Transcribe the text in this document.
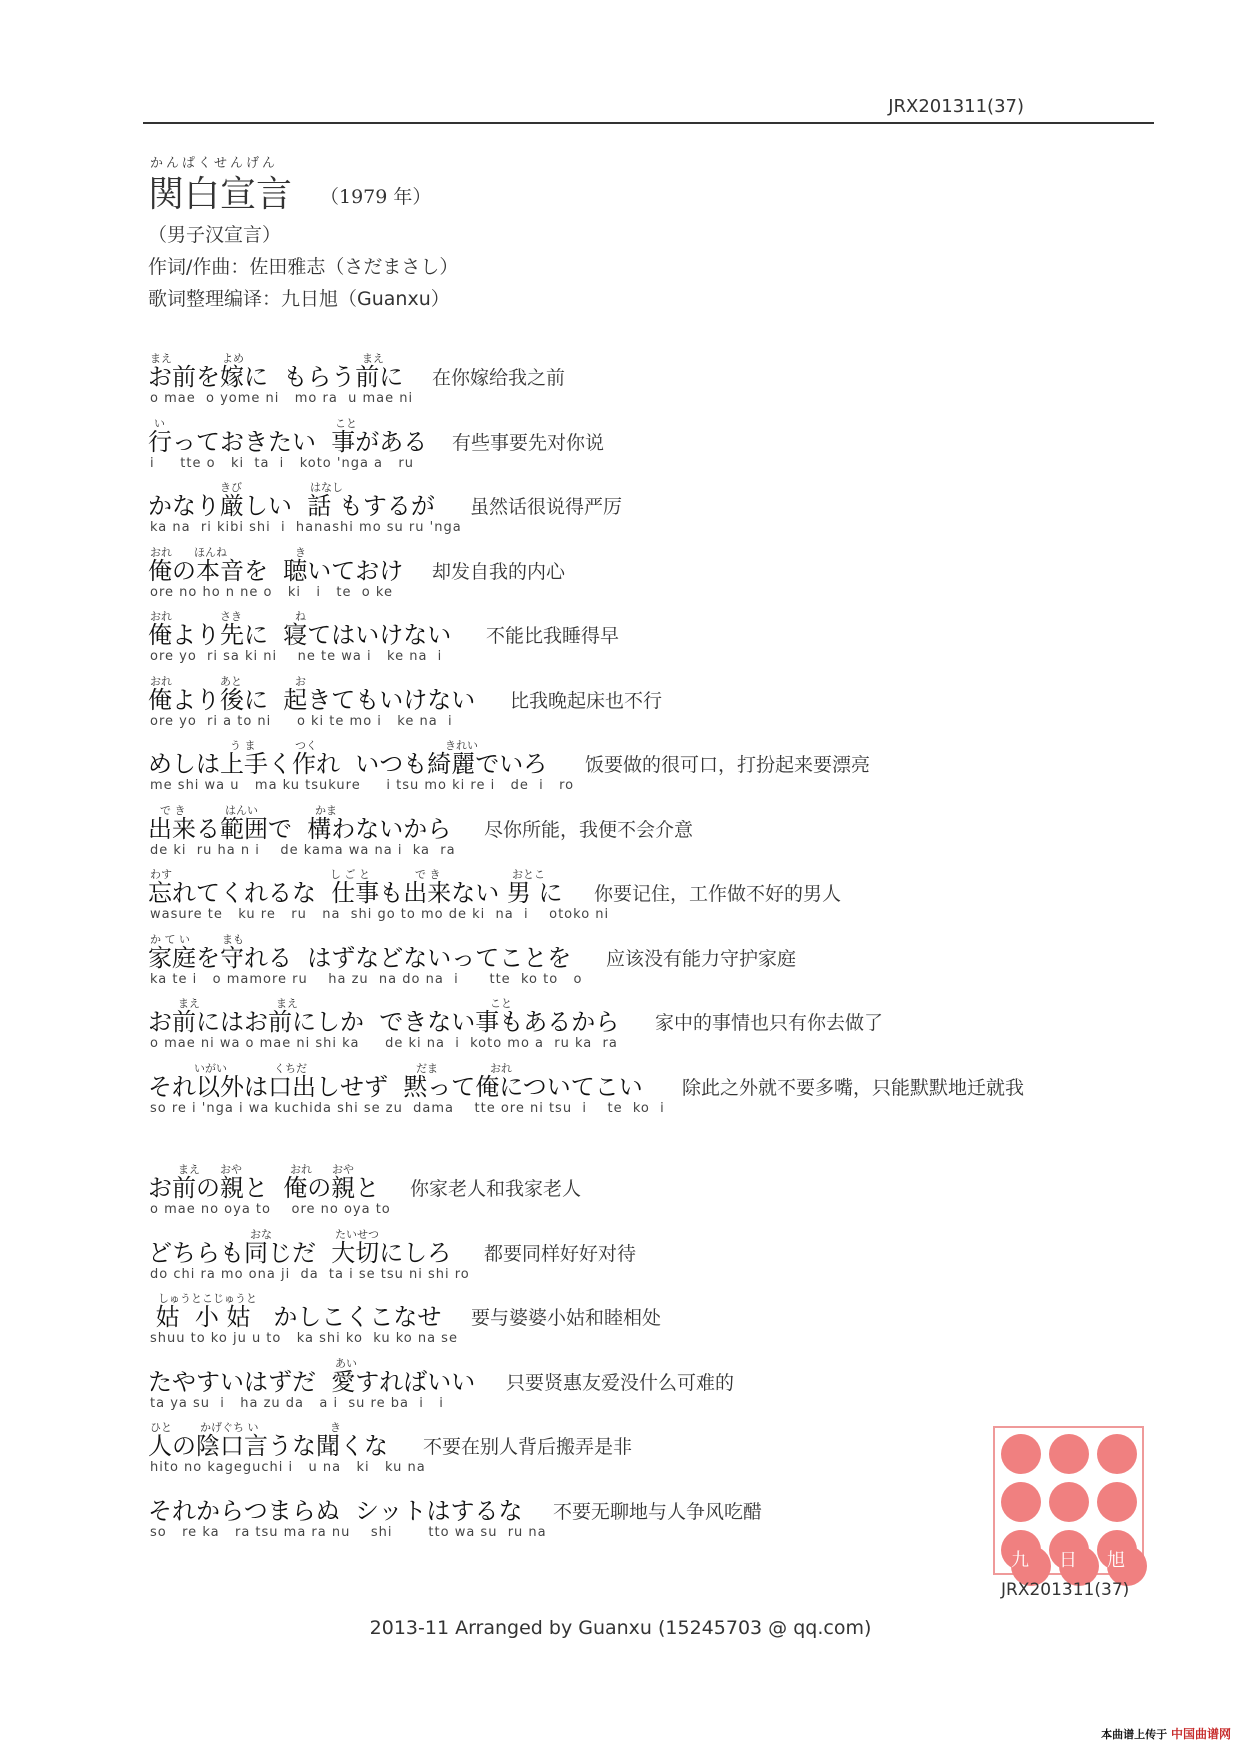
JRX201311(37)
かんぱくせんげん
関白宣言 （1979 年）
（男子汉宣言）
作词/作曲：佐田雅志（さだまさし）
歌词整理编译：九日旭（Guanxu）
まえ	よめ	まえ
お前を嫁に  もらう前に 在你嫁给我之前
o mae  o yome ni   mo ra  u mae ni
い	こと
行っておきたい  事がある 有些事要先对你说
i     tte o   ki  ta  i   koto 'nga a   ru
きび	はなし
かなり厳しい  話 もするが 虽然话很说得严厉
ka na  ri kibi shi  i  hanashi mo su ru 'nga
おれ ほんね	き
俺の本音を  聴いておけ 却发自我的内心
ore no ho n ne o   ki   i   te  o ke
おれ	さき	ね
俺より先に  寝てはいけない 不能比我睡得早
ore yo  ri sa ki ni    ne te wa i   ke na  i
おれ	あと	お
俺より後に  起きてもいけない 比我晚起床也不行
ore yo  ri a to ni     o ki te mo i   ke na  i
う ま	つく	きれい
めしは上手く作れ  いつも綺麗でいろ 饭要做的很可口，打扮起来要漂亮
me shi wa u   ma ku tsukure     i tsu mo ki re i   de  i   ro
で き	はんい	かま
出来る範囲で  構わないから 尽你所能，我便不会介意
de ki  ru ha n i    de kama wa na i  ka  ra
わす	し ご と	で き	おとこ
忘れてくれるな  仕事も出来ない 男 に 你要记住，工作做不好的男人
wasure te   ku re   ru   na  shi go to mo de ki  na  i    otoko ni
か て い	まも
家庭を守れる  はずなどないってことを 应该没有能力守护家庭
ka te i   o mamore ru    ha zu  na do na  i      tte  ko to   o
まえ	まえ	こと
お前にはお前にしか  できない事もあるから 家中的事情也只有你去做了
o mae ni wa o mae ni shi ka     de ki na  i  koto mo a  ru ka  ra
いがい	くちだ	だま	おれ
それ以外は口出しせず  黙って俺についてこい 除此之外就不要多嘴，只能默默地迁就我
so re i 'nga i wa kuchida shi se zu  dama    tte ore ni tsu  i    te  ko  i
まえ おや	おれ おや
お前の親と  俺の親と 你家老人和我家老人
o mae no oya to    ore no oya to
おな	たいせつ
どちらも同じだ  大切にしろ 都要同样好好对待
do chi ra mo ona ji  da  ta i se tsu ni shi ro
しゅうとこじゅうと
姑  小 姑   かしこくこなせ 要与婆婆小姑和睦相处
shuu to ko ju u to   ka shi ko  ku ko na se
あい
たやすいはずだ  愛すればいい 只要贤惠友爱没什么可难的
ta ya su  i   ha zu da   a i  su re ba  i   i
ひと	かげぐち い	き
人の陰口言うな聞くな 不要在别人背后搬弄是非
hito no kageguchi i   u na   ki   ku na
それからつまらぬ  シットはするな 不要无聊地与人争风吃醋
so   re ka   ra tsu ma ra nu    shi       tto wa su  ru na
九	日	旭
JRX201311(37)
2013-11 Arranged by Guanxu (15245703 @ qq.com)
本曲谱上传于 中国曲谱网
